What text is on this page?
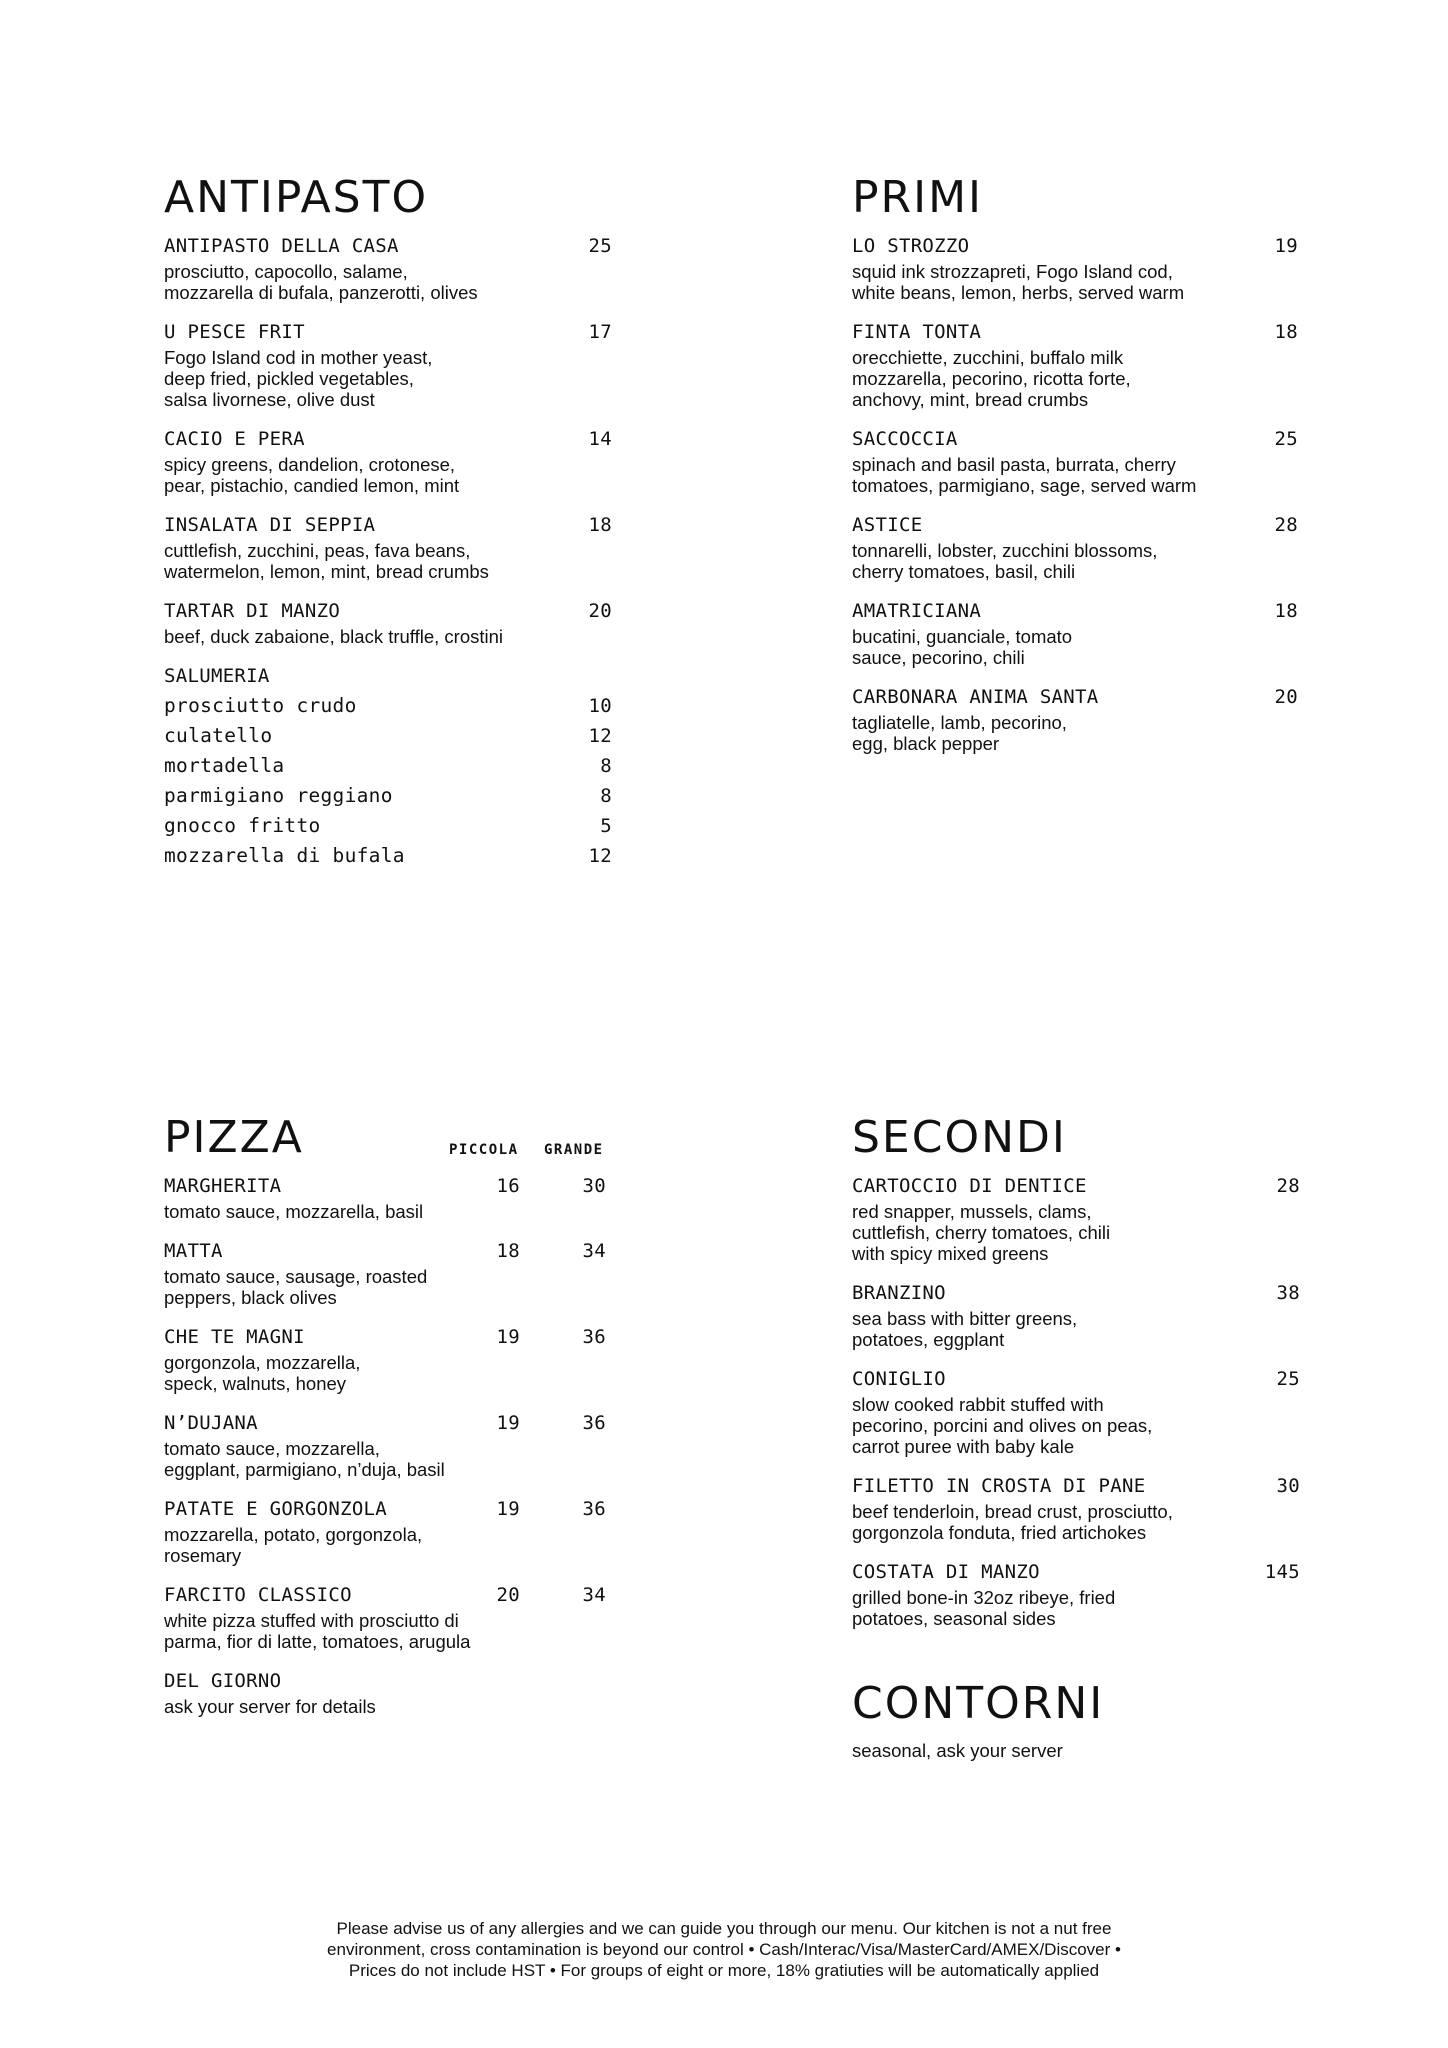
ANTIPASTO
ANTIPASTO DELLA CASA	25
prosciutto, capocollo, salame,
mozzarella di bufala, panzerotti, olives
U PESCE FRIT	17
Fogo Island cod in mother yeast,
deep fried, pickled vegetables,
salsa livornese, olive dust
CACIO E PERA	14
spicy greens, dandelion, crotonese,
pear, pistachio, candied lemon, mint
INSALATA DI SEPPIA	18
cuttlefish, zucchini, peas, fava beans,
watermelon, lemon, mint, bread crumbs
TARTAR DI MANZO	20
beef, duck zabaione, black truffle, crostini
SALUMERIA
prosciutto crudo	10
culatello	12
mortadella	8
parmigiano reggiano	8
gnocco fritto	5
mozzarella di bufala	12
PRIMI
LO STROZZO	19
squid ink strozzapreti, Fogo Island cod,
white beans, lemon, herbs, served warm
FINTA TONTA	18
orecchiette, zucchini, buffalo milk
mozzarella, pecorino, ricotta forte,
anchovy, mint, bread crumbs
SACCOCCIA	25
spinach and basil pasta, burrata, cherry
tomatoes, parmigiano, sage, served warm
ASTICE	28
tonnarelli, lobster, zucchini blossoms,
cherry tomatoes, basil, chili
AMATRICIANA	18
bucatini, guanciale, tomato
sauce, pecorino, chili
CARBONARA ANIMA SANTA	20
tagliatelle, lamb, pecorino,
egg, black pepper
PIZZA	PICCOLA	GRANDE
MARGHERITA	16	30
tomato sauce, mozzarella, basil
MATTA	18	34
tomato sauce, sausage, roasted
peppers, black olives
CHE TE MAGNI	19	36
gorgonzola, mozzarella,
speck, walnuts, honey
N’DUJANA	19	36
tomato sauce, mozzarella,
eggplant, parmigiano, n’duja, basil
PATATE E GORGONZOLA	19	36
mozzarella, potato, gorgonzola,
rosemary
FARCITO CLASSICO	20	34
white pizza stuffed with prosciutto di
parma, fior di latte, tomatoes, arugula
DEL GIORNO
ask your server for details
SECONDI
CARTOCCIO DI DENTICE	28
red snapper, mussels, clams,
cuttlefish, cherry tomatoes, chili
with spicy mixed greens
BRANZINO	38
sea bass with bitter greens,
potatoes, eggplant
CONIGLIO	25
slow cooked rabbit stuffed with
pecorino, porcini and olives on peas,
carrot puree with baby kale
FILETTO IN CROSTA DI PANE	30
beef tenderloin, bread crust, prosciutto,
gorgonzola fonduta, fried artichokes
COSTATA DI MANZO	145
grilled bone-in 32oz ribeye, fried
potatoes, seasonal sides
CONTORNI
seasonal, ask your server
Please advise us of any allergies and we can guide you through our menu. Our kitchen is not a nut free
environment, cross contamination is beyond our control • Cash/Interac/Visa/MasterCard/AMEX/Discover •
Prices do not include HST • For groups of eight or more, 18% gratiuties will be automatically applied
